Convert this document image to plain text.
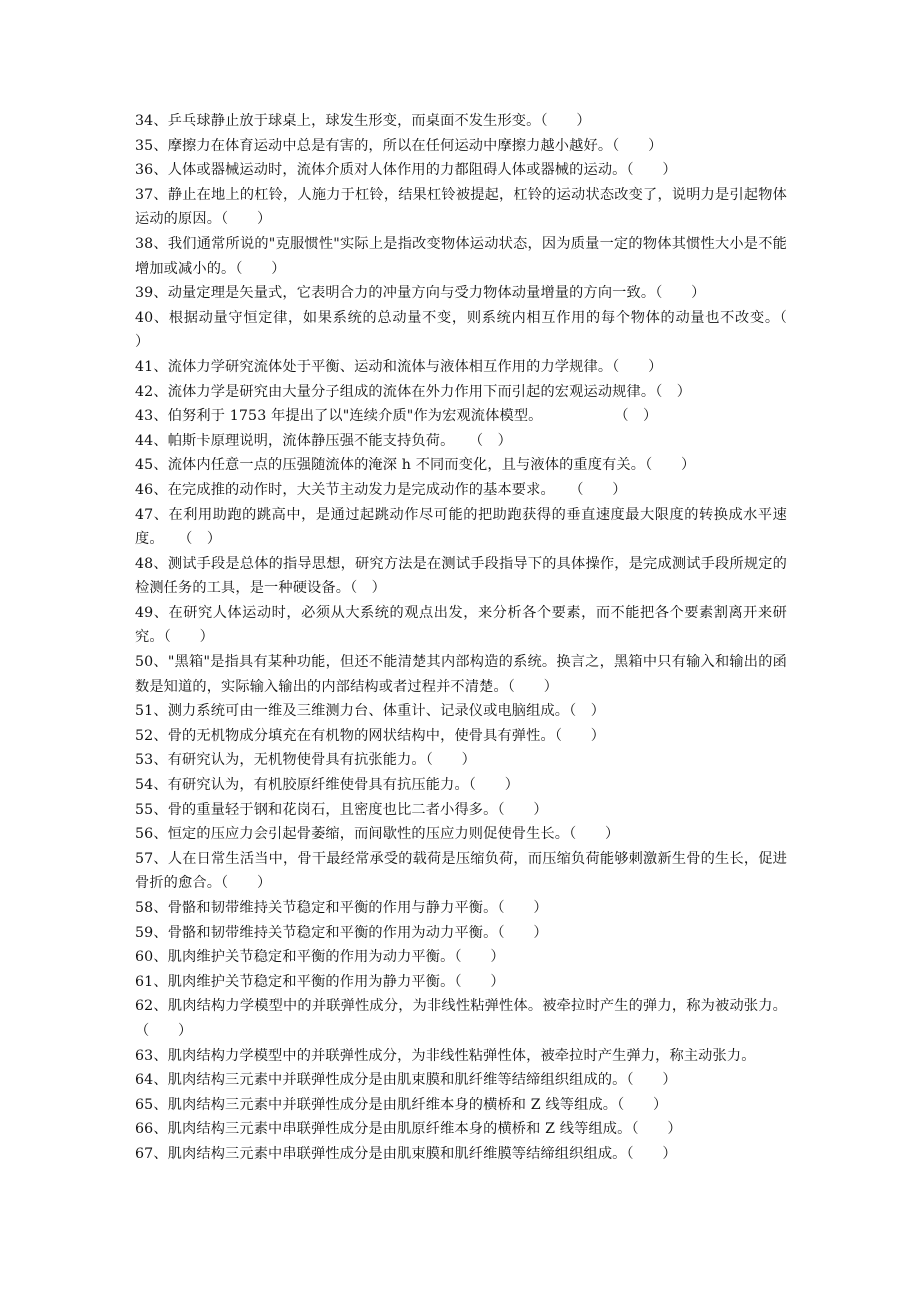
34、乒乓球静止放于球桌上，球发生形变，而桌面不发生形变。（　　）

35、摩擦力在体育运动中总是有害的，所以在任何运动中摩擦力越小越好。（　　）

36、人体或器械运动时，流体介质对人体作用的力都阻碍人体或器械的运动。（　　）

37、静止在地上的杠铃，人施力于杠铃，结果杠铃被提起，杠铃的运动状态改变了，说明力是引起物体运动的原因。（　　）

38、我们通常所说的"克服惯性"实际上是指改变物体运动状态，因为质量一定的物体其惯性大小是不能增加或减小的。（　　）

39、动量定理是矢量式，它表明合力的冲量方向与受力物体动量增量的方向一致。（　　）

40、根据动量守恒定律，如果系统的总动量不变，则系统内相互作用的每个物体的动量也不改变。（　　）

41、流体力学研究流体处于平衡、运动和流体与液体相互作用的力学规律。（　　）

42、流体力学是研究由大量分子组成的流体在外力作用下而引起的宏观运动规律。（　）

43、伯努利于 1753 年提出了以"连续介质"作为宏观流体模型。　　　　　　（　）

44、帕斯卡原理说明，流体静压强不能支持负荷。　　（　）

45、流体内任意一点的压强随流体的淹深 h 不同而变化，且与液体的重度有关。（　　）

46、在完成推的动作时，大关节主动发力是完成动作的基本要求。　　（　　）

47、在利用助跑的跳高中，是通过起跳动作尽可能的把助跑获得的垂直速度最大限度的转换成水平速度。　　（　）

48、测试手段是总体的指导思想，研究方法是在测试手段指导下的具体操作，是完成测试手段所规定的检测任务的工具，是一种硬设备。（　）

49、在研究人体运动时，必须从大系统的观点出发，来分析各个要素，而不能把各个要素割离开来研究。（　　）

50、"黑箱"是指具有某种功能，但还不能清楚其内部构造的系统。换言之，黑箱中只有输入和输出的函数是知道的，实际输入输出的内部结构或者过程并不清楚。（　　）

51、测力系统可由一维及三维测力台、体重计、记录仪或电脑组成。（　）

52、骨的无机物成分填充在有机物的网状结构中，使骨具有弹性。（　　）

53、有研究认为，无机物使骨具有抗张能力。（　　）

54、有研究认为，有机胶原纤维使骨具有抗压能力。（　　）

55、骨的重量轻于钢和花岗石，且密度也比二者小得多。（　　）

56、恒定的压应力会引起骨萎缩，而间歇性的压应力则促使骨生长。（　　）

57、人在日常生活当中，骨干最经常承受的载荷是压缩负荷，而压缩负荷能够刺激新生骨的生长，促进骨折的愈合。（　　）

58、骨骼和韧带维持关节稳定和平衡的作用与静力平衡。（　　）

59、骨骼和韧带维持关节稳定和平衡的作用为动力平衡。（　　）

60、肌肉维护关节稳定和平衡的作用为动力平衡。（　　）

61、肌肉维护关节稳定和平衡的作用为静力平衡。（　　）

62、肌肉结构力学模型中的并联弹性成分，为非线性粘弹性体。被牵拉时产生的弹力，称为被动张力。（　　）

63、肌肉结构力学模型中的并联弹性成分，为非线性粘弹性体，被牵拉时产生弹力，称主动张力。

64、肌肉结构三元素中并联弹性成分是由肌束膜和肌纤维等结缔组织组成的。（　　）

65、肌肉结构三元素中并联弹性成分是由肌纤维本身的横桥和 Z 线等组成。（　　）

66、肌肉结构三元素中串联弹性成分是由肌原纤维本身的横桥和 Z 线等组成。（　　）

67、肌肉结构三元素中串联弹性成分是由肌束膜和肌纤维膜等结缔组织组成。（　　）
